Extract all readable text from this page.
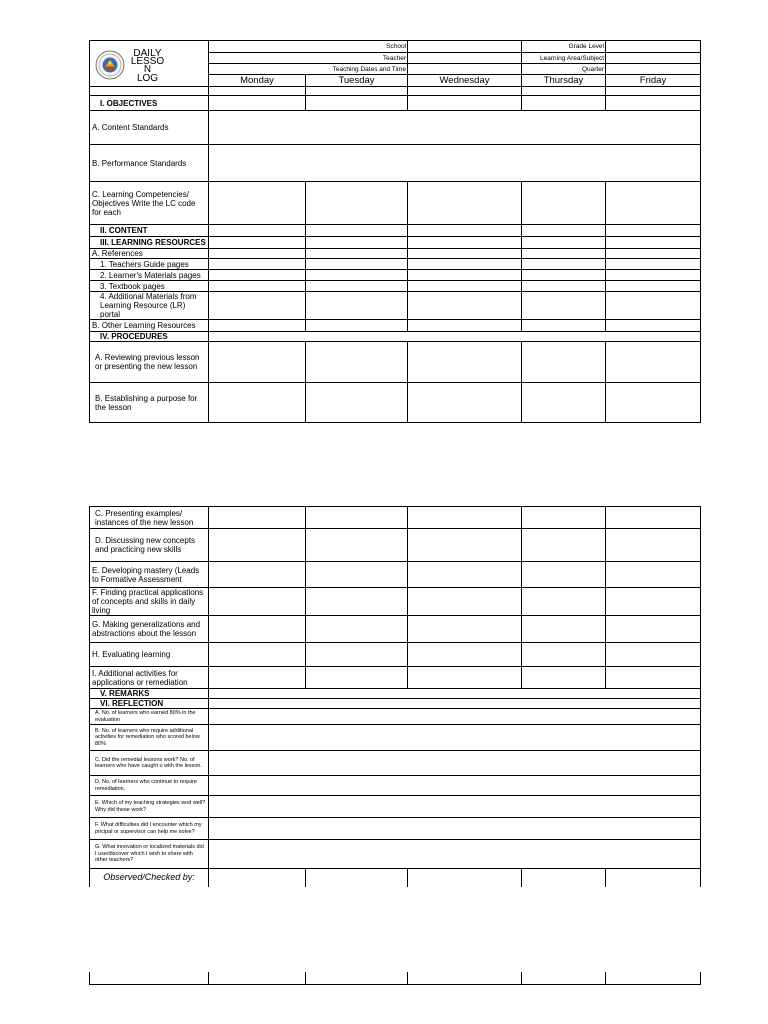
DAILY
LESSO
N
LOG	School			Grade Level	
	Teacher			Learning Area/Subject	
	Teaching Dates and Time			Quarter	
	Monday	Tuesday	Wednesday	Thursday	Friday

I. OBJECTIVES					
A. Content Standards					
B. Performance Standards					
C. Learning Competencies/ Objectives Write the LC code for each					
II. CONTENT					
III. LEARNING RESOURCES					
A. References					
1. Teachers Guide pages					
2. Learner's Materials pages					
3. Textbook pages					
4. Additional Materials from Learning Resource (LR) portal					
B. Other Learning Resources					
IV. PROCEDURES					
A. Reviewing previous lesson or presenting the new lesson					
B. Establishing a purpose for the lesson					
C. Presenting examples/ instances of the new lesson					
D. Discussing new concepts and practicing new skills					
E. Developing mastery (Leads to Formative Assessment					
F. Finding practical applications of concepts and skills in daily living					
G. Making generalizations and abstractions about the lesson					
H. Evaluating learning					
I. Additional activities for applications or remediation					
V. REMARKS					
VI. REFLECTION					
A. No. of learners who earned 80% in the evaluation					
B. No. of learners who require additional activities for remediation who scored below 80%					
C. Did the remedial lessons work? No. of learners who have caught u with the lesson.					
D. No. of learners who continue to require remediation.					
E. Which of my teaching strategies wod well? Why did these work?					
F. What difficulties did I encounter which my pricipal or supervisor can help me solve?					
G. What innovation or localized materials did I use/discover which I wish to share with other teachers?					
Observed/Checked by:					
